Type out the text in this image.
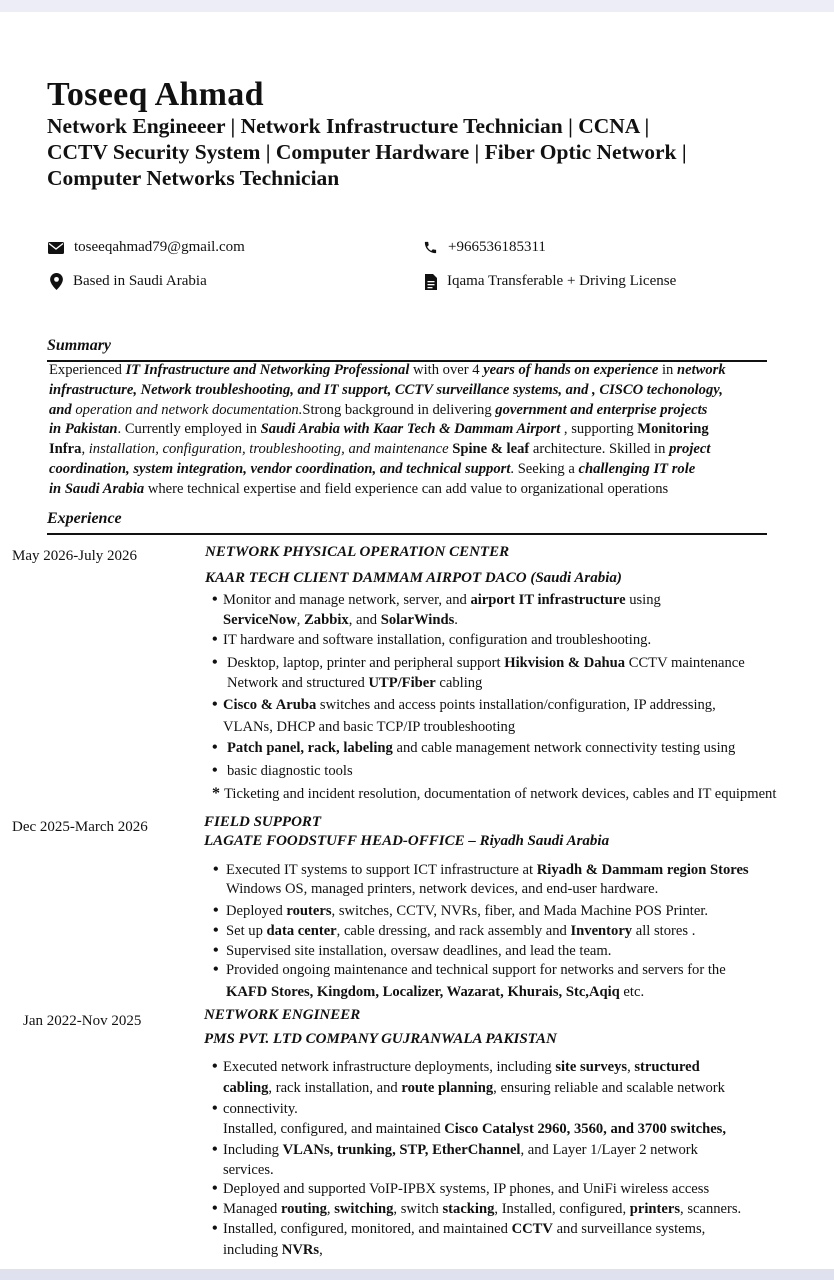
Toseeq Ahmad
Network Engineeer | Network Infrastructure Technician | CCNA |
CCTV Security System | Computer Hardware | Fiber Optic Network |
Computer Networks Technician
toseeqahmad79@gmail.com	+966536185311
Based in Saudi Arabia	Iqama Transferable + Driving License
Summary
Experienced IT Infrastructure and Networking Professional with over 4 years of hands on experience in network
infrastructure, Network troubleshooting, and IT support, CCTV surveillance systems, and , CISCO techonology,
and operation and network documentation.Strong background in delivering government and enterprise projects
in Pakistan. Currently employed in Saudi Arabia with Kaar Tech & Dammam Airport , supporting Monitoring
Infra, installation, configuration, troubleshooting, and maintenance Spine & leaf architecture. Skilled in project
coordination, system integration, vendor coordination, and technical support. Seeking a challenging IT role
in Saudi Arabia where technical expertise and field experience can add value to organizational operations
Experience
May 2026-July 2026	NETWORK PHYSICAL OPERATION CENTER
KAAR TECH CLIENT DAMMAM AIRPOT DACO (Saudi Arabia)
• Monitor and manage network, server, and airport IT infrastructure using
ServiceNow, Zabbix, and SolarWinds.
• IT hardware and software installation, configuration and troubleshooting.
• Desktop, laptop, printer and peripheral support Hikvision & Dahua CCTV maintenance
Network and structured UTP/Fiber cabling
• Cisco & Aruba switches and access points installation/configuration, IP addressing,
VLANs, DHCP and basic TCP/IP troubleshooting
• Patch panel, rack, labeling and cable management network connectivity testing using
• basic diagnostic tools
* Ticketing and incident resolution, documentation of network devices, cables and IT equipment
Dec 2025-March 2026	FIELD SUPPORT
LAGATE FOODSTUFF HEAD-OFFICE – Riyadh Saudi Arabia
• Executed IT systems to support ICT infrastructure at Riyadh & Dammam region Stores
Windows OS, managed printers, network devices, and end-user hardware.
• Deployed routers, switches, CCTV, NVRs, fiber, and Mada Machine POS Printer.
• Set up data center, cable dressing, and rack assembly and Inventory all stores .
• Supervised site installation, oversaw deadlines, and lead the team.
• Provided ongoing maintenance and technical support for networks and servers for the
KAFD Stores, Kingdom, Localizer, Wazarat, Khurais, Stc,Aqiq etc.
Jan 2022-Nov 2025	NETWORK ENGINEER
PMS PVT. LTD COMPANY GUJRANWALA PAKISTAN
• Executed network infrastructure deployments, including site surveys, structured
cabling, rack installation, and route planning, ensuring reliable and scalable network
• connectivity.
Installed, configured, and maintained Cisco Catalyst 2960, 3560, and 3700 switches,
• Including VLANs, trunking, STP, EtherChannel, and Layer 1/Layer 2 network
services.
• Deployed and supported VoIP-IPBX systems, IP phones, and UniFi wireless access
• Managed routing, switching, switch stacking, Installed, configured, printers, scanners.
• Installed, configured, monitored, and maintained CCTV and surveillance systems,
including NVRs,
